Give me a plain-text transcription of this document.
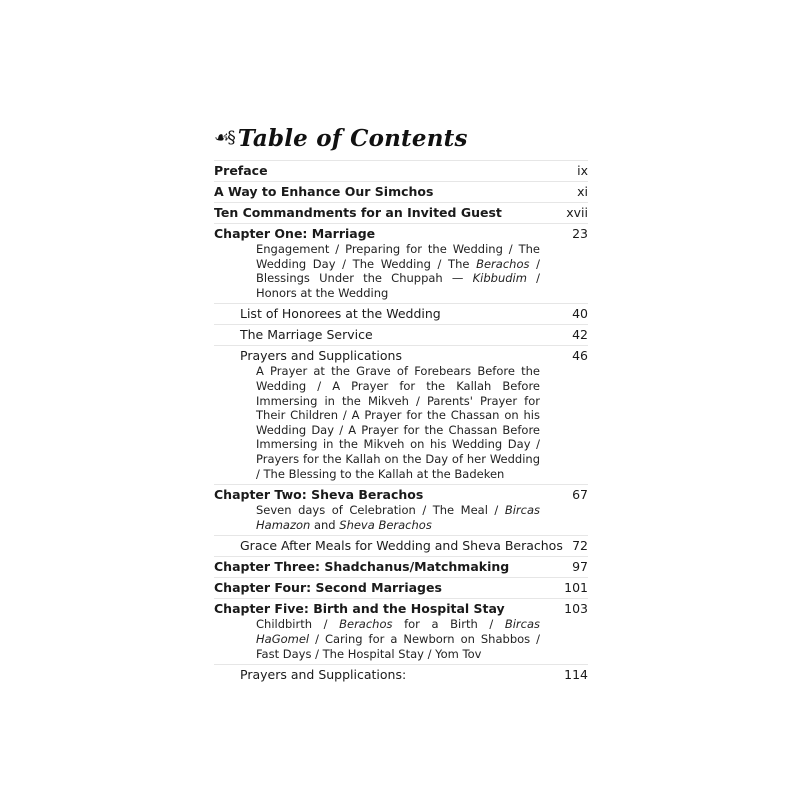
☙§ Table of Contents
Preface	ix
A Way to Enhance Our Simchos	xi
Ten Commandments for an Invited Guest	xvii
Chapter One: Marriage	23
Engagement / Preparing for the Wedding / The Wedding Day / The Wedding / The Berachos / Blessings Under the Chuppah — Kibbudim / Honors at the Wedding
List of Honorees at the Wedding	40
The Marriage Service	42
Prayers and Supplications	46
A Prayer at the Grave of Forebears Before the Wedding / A Prayer for the Kallah Before Immersing in the Mikveh / Parents' Prayer for Their Children / A Prayer for the Chassan on his Wedding Day / A Prayer for the Chassan Before Immersing in the Mikveh on his Wedding Day / Prayers for the Kallah on the Day of her Wedding / The Blessing to the Kallah at the Badeken
Chapter Two: Sheva Berachos	67
Seven days of Celebration / The Meal / Bircas Hamazon and Sheva Berachos
Grace After Meals for Wedding and Sheva Berachos 72
Chapter Three: Shadchanus/Matchmaking	97
Chapter Four: Second Marriages	101
Chapter Five: Birth and the Hospital Stay	103
Childbirth / Berachos for a Birth / Bircas HaGomel / Caring for a Newborn on Shabbos / Fast Days / The Hospital Stay / Yom Tov
Prayers and Supplications:	114
